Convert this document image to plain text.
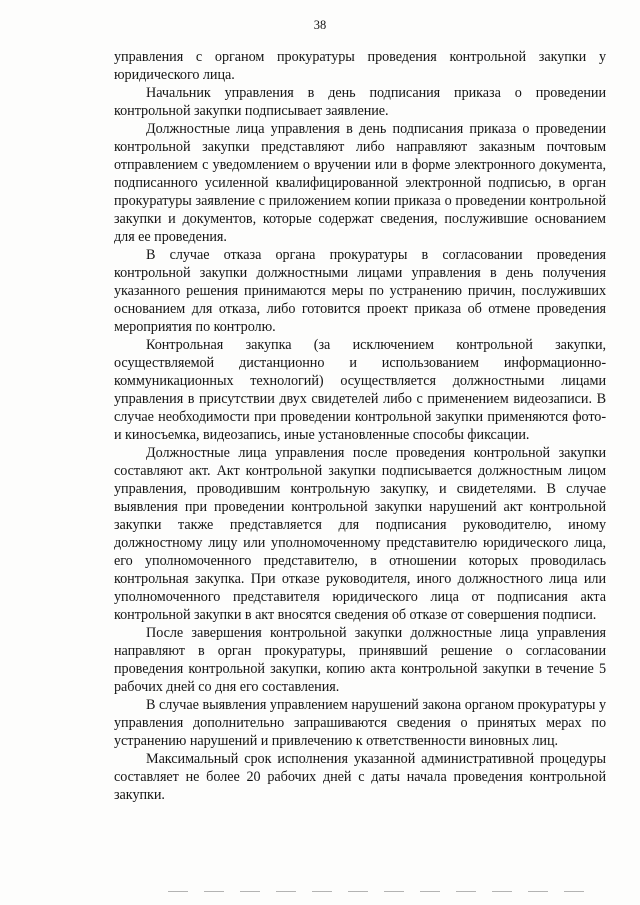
38

управления с органом прокуратуры проведения контрольной закупки у юридического лица.

Начальник управления в день подписания приказа о проведении контрольной закупки подписывает заявление.

Должностные лица управления в день подписания приказа о проведении контрольной закупки представляют либо направляют заказным почтовым отправлением с уведомлением о вручении или в форме электронного документа, подписанного усиленной квалифицированной электронной подписью, в орган прокуратуры заявление с приложением копии приказа о проведении контрольной закупки и документов, которые содержат сведения, послужившие основанием для ее проведения.

В случае отказа органа прокуратуры в согласовании проведения контрольной закупки должностными лицами управления в день получения указанного решения принимаются меры по устранению причин, послуживших основанием для отказа, либо готовится проект приказа об отмене проведения мероприятия по контролю.

Контрольная закупка (за исключением контрольной закупки, осуществляемой дистанционно и использованием информационно-коммуникационных технологий) осуществляется должностными лицами управления в присутствии двух свидетелей либо с применением видеозаписи. В случае необходимости при проведении контрольной закупки применяются фото- и киносъемка, видеозапись, иные установленные способы фиксации.

Должностные лица управления после проведения контрольной закупки составляют акт. Акт контрольной закупки подписывается должностным лицом управления, проводившим контрольную закупку, и свидетелями. В случае выявления при проведении контрольной закупки нарушений акт контрольной закупки также представляется для подписания руководителю, иному должностному лицу или уполномоченному представителю юридического лица, его уполномоченного представителю, в отношении которых проводилась контрольная закупка. При отказе руководителя, иного должностного лица или уполномоченного представителя юридического лица от подписания акта контрольной закупки в акт вносятся сведения об отказе от совершения подписи.

После завершения контрольной закупки должностные лица управления направляют в орган прокуратуры, принявший решение о согласовании проведения контрольной закупки, копию акта контрольной закупки в течение 5 рабочих дней со дня его составления.

В случае выявления управлением нарушений закона органом прокуратуры у управления дополнительно запрашиваются сведения о принятых мерах по устранению нарушений и привлечению к ответственности виновных лиц.

Максимальный срок исполнения указанной административной процедуры составляет не более 20 рабочих дней с даты начала проведения контрольной закупки.
